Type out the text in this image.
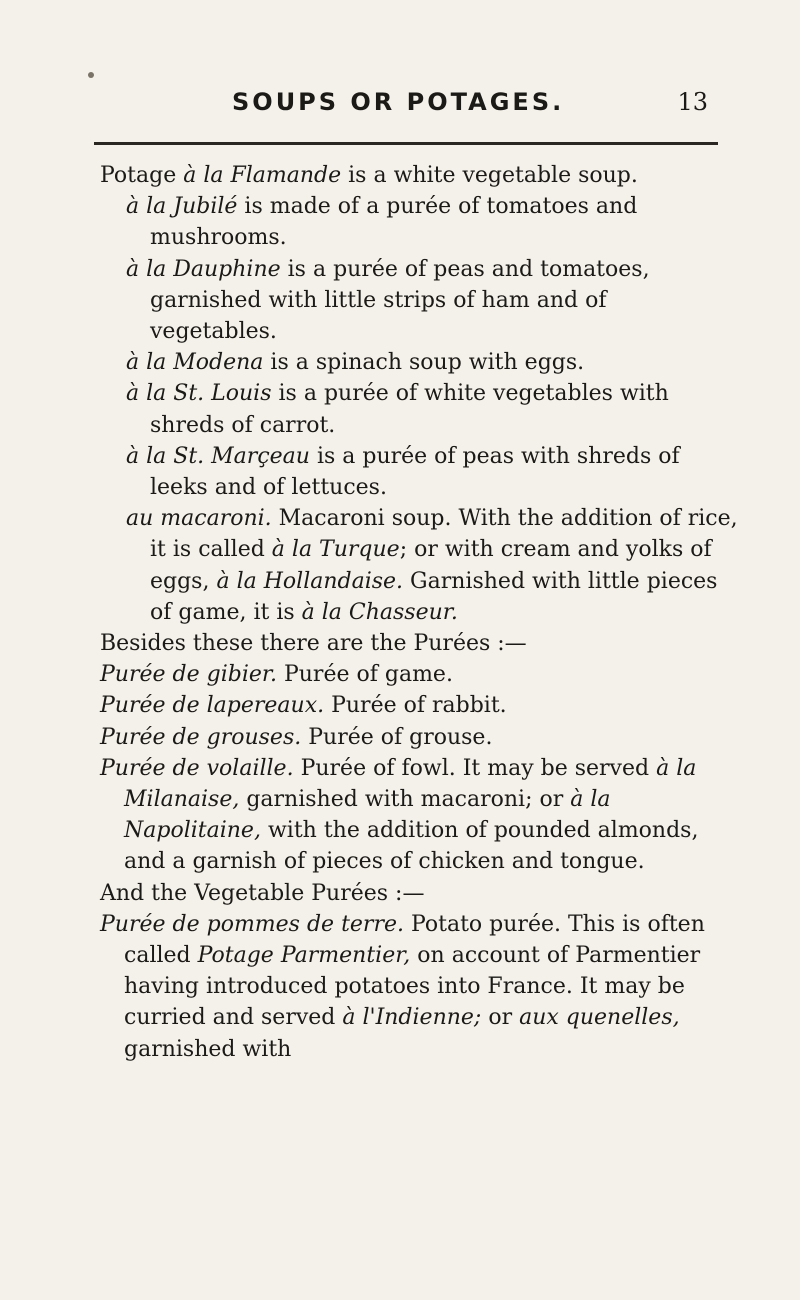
SOUPS OR POTAGES.	13

Potage à la Flamande is a white vegetable soup.

à la Jubilé is made of a purée of tomatoes and mushrooms.

à la Dauphine is a purée of peas and tomatoes, garnished with little strips of ham and of vegetables.

à la Modena is a spinach soup with eggs.

à la St. Louis is a purée of white vegetables with shreds of carrot.

à la St. Marçeau is a purée of peas with shreds of leeks and of lettuces.

au macaroni. Macaroni soup. With the addition of rice, it is called à la Turque; or with cream and yolks of eggs, à la Hollandaise. Garnished with little pieces of game, it is à la Chasseur.

Besides these there are the Purées :—

Purée de gibier. Purée of game.

Purée de lapereaux. Purée of rabbit.

Purée de grouses. Purée of grouse.

Purée de volaille. Purée of fowl. It may be served à la Milanaise, garnished with macaroni; or à la Napolitaine, with the addition of pounded almonds, and a garnish of pieces of chicken and tongue.

And the Vegetable Purées :—

Purée de pommes de terre. Potato purée. This is often called Potage Parmentier, on account of Parmentier having introduced potatoes into France. It may be curried and served à l'Indienne; or aux quenelles, garnished with
